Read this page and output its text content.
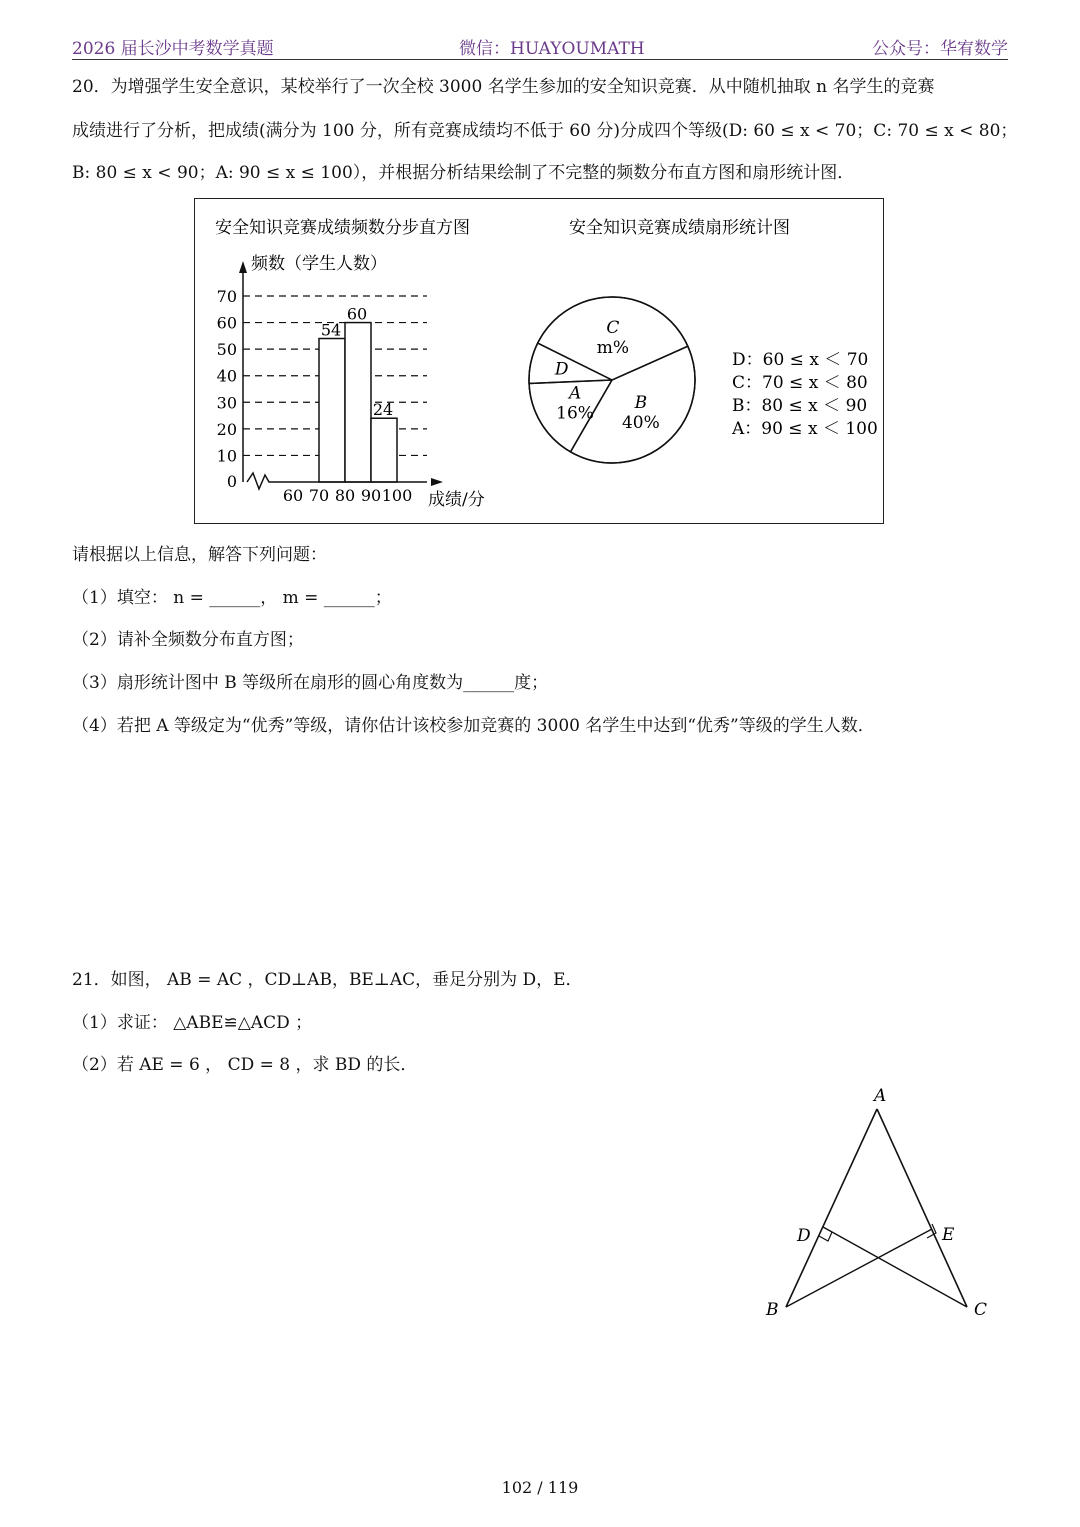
2026 届长沙中考数学真题	微信：HUAYOUMATH	公众号：华宥数学
20．为增强学生安全意识，某校举行了一次全校 3000 名学生参加的安全知识竞赛．从中随机抽取 n 名学生的竞赛
成绩进行了分析，把成绩(满分为 100 分，所有竞赛成绩均不低于 60 分)分成四个等级(D: 60 ≤ x < 70；C: 70 ≤ x < 80；
B: 80 ≤ x < 90；A: 90 ≤ x ≤ 100），并根据分析结果绘制了不完整的频数分布直方图和扇形统计图．
安全知识竞赛成绩频数分步直方图
频数（学生人数）
54
60
24
0
10
20
30
40
50
60
70
60 70 80 90 100 成绩/分
安全知识竞赛成绩扇形统计图
A
16%
D
C
m%
B
40%
D：60 ≤ x ＜ 70
C：70 ≤ x ＜ 80
B：80 ≤ x ＜ 90
A：90 ≤ x ＜ 100
请根据以上信息，解答下列问题：
（1）填空： n = ______， m = ______；
（2）请补全频数分布直方图；
（3）扇形统计图中 B 等级所在扇形的圆心角度数为______度；
（4）若把 A 等级定为“优秀”等级，请你估计该校参加竞赛的 3000 名学生中达到“优秀”等级的学生人数．
21．如图， AB = AC ，CD⊥AB，BE⊥AC，垂足分别为 D，E．
（1）求证： △ABE≌△ACD ；
（2）若 AE = 6 ， CD = 8 ，求 BD 的长．
A
B	C
D	E
102 / 119
